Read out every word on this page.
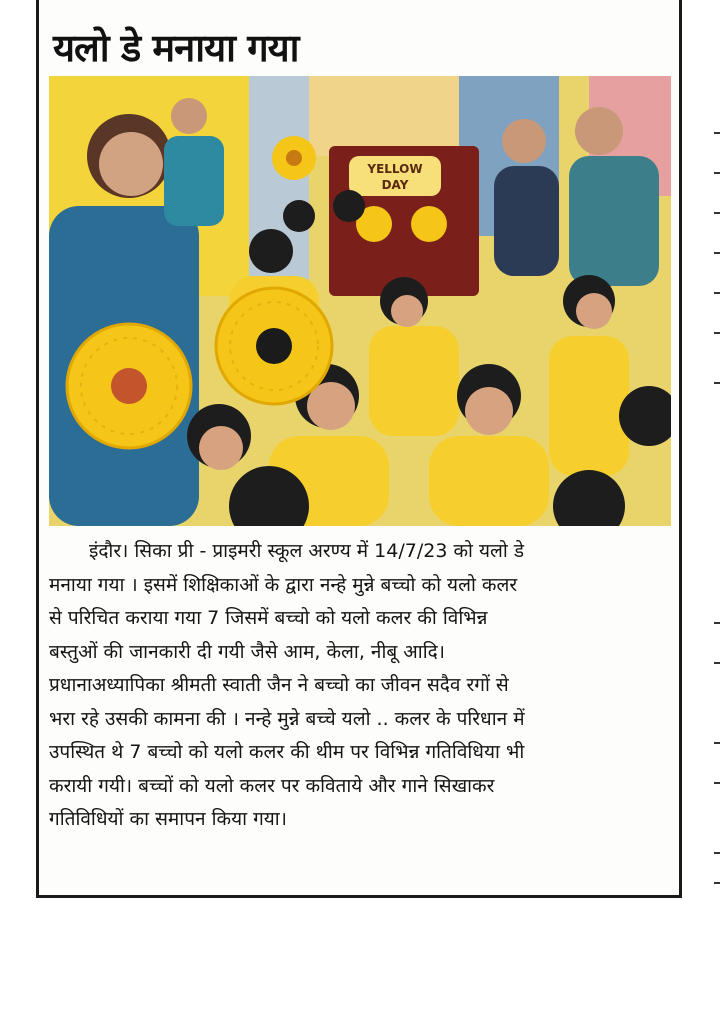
यलो डे मनाया गया
YELLOW
DAY
इंदौर। सिका प्री - प्राइमरी स्कूल अरण्य में 14/7/23 को यलो डे
मनाया गया । इसमें शिक्षिकाओं के द्वारा नन्हे मुन्ने बच्चो को यलो कलर
से परिचित कराया गया 7 जिसमें बच्चो को यलो कलर की विभिन्न
बस्तुओं की जानकारी दी गयी जैसे आम, केला, नीबू आदि।
प्रधानाअध्यापिका श्रीमती स्वाती जैन ने बच्चो का जीवन सदैव रगों से
भरा रहे उसकी कामना की । नन्हे मुन्ने बच्चे यलो .. कलर के परिधान में
उपस्थित थे 7 बच्चो को यलो कलर की थीम पर विभिन्न गतिविधिया भी
करायी गयी। बच्चों को यलो कलर पर कविताये और गाने सिखाकर
गतिविधियों का समापन किया गया।
